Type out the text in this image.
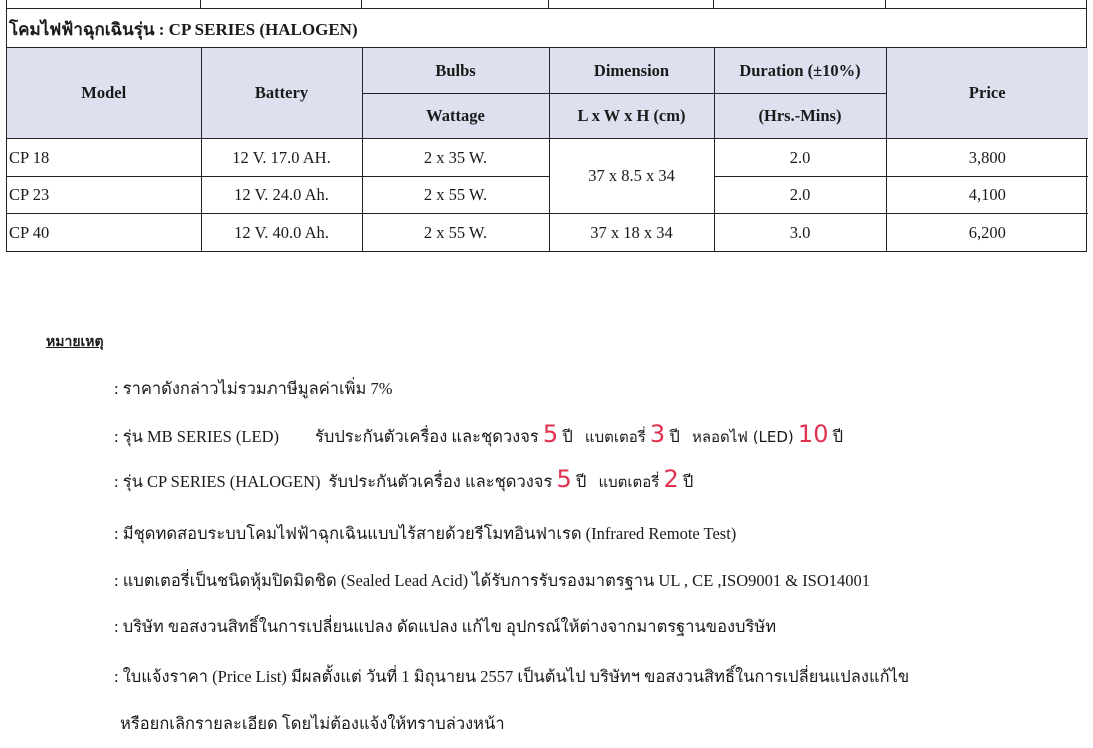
โคมไฟฟ้าฉุกเฉินรุ่น : CP SERIES (HALOGEN)
Model	Battery	Bulbs	Dimension	Duration (±10%)	Price
		Wattage	L x W x H (cm)	(Hrs.-Mins)	
CP 18	12 V. 17.0 AH.	2 x 35 W.	37 x 8.5 x 34	2.0	3,800
CP 23	12 V. 24.0 Ah.	2 x 55 W.		2.0	4,100
CP 40	12 V. 40.0 Ah.	2 x 55 W.	37 x 18 x 34	3.0	6,200
หมายเหตุ
: ราคาดังกล่าวไม่รวมภาษีมูลค่าเพิ่ม 7%
: รุ่น MB SERIES (LED) รับประกันตัวเครื่อง และชุดวงจร 5 ปี แบตเตอรี่ 3 ปี หลอดไฟ (LED) 10 ปี
: รุ่น CP SERIES (HALOGEN) รับประกันตัวเครื่อง และชุดวงจร 5 ปี แบตเตอรี่ 2 ปี
: มีชุดทดสอบระบบโคมไฟฟ้าฉุกเฉินแบบไร้สายด้วยรีโมทอินฟาเรด (Infrared Remote Test)
: แบตเตอรี่เป็นชนิดหุ้มปิดมิดชิด (Sealed Lead Acid) ได้รับการรับรองมาตรฐาน UL , CE ,ISO9001 & ISO14001
: บริษัท ขอสงวนสิทธิ์ในการเปลี่ยนแปลง ดัดแปลง แก้ไข อุปกรณ์ให้ต่างจากมาตรฐานของบริษัท
: ใบแจ้งราคา (Price List) มีผลตั้งแต่ วันที่ 1 มิถุนายน 2557 เป็นต้นไป บริษัทฯ ขอสงวนสิทธิ์ในการเปลี่ยนแปลงแก้ไข
หรือยกเลิกรายละเอียด โดยไม่ต้องแจ้งให้ทราบล่วงหน้า
